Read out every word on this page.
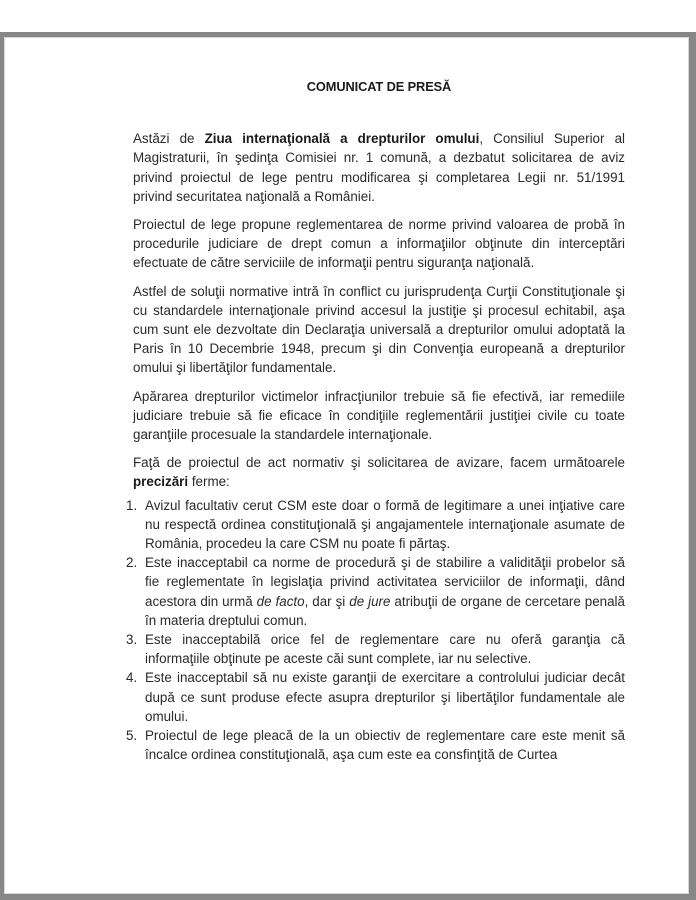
COMUNICAT DE PRESĂ

Astăzi de Ziua internaţională a drepturilor omului, Consiliul Superior al Magistraturii, în şedinţa Comisiei nr. 1 comună, a dezbatut solicitarea de aviz privind proiectul de lege pentru modificarea şi completarea Legii nr. 51/1991 privind securitatea naţională a României.

Proiectul de lege propune reglementarea de norme privind valoarea de probă în procedurile judiciare de drept comun a informaţiilor obţinute din interceptări efectuate de către serviciile de informaţii pentru siguranţa naţională.

Astfel de soluţii normative intră în conflict cu jurisprudenţa Curţii Constituţionale şi cu standardele internaţionale privind accesul la justiţie şi procesul echitabil, aşa cum sunt ele dezvoltate din Declaraţia universală a drepturilor omului adoptată la Paris în 10 Decembrie 1948, precum şi din Convenţia europeană a drepturilor omului şi libertăţilor fundamentale.

Apărarea drepturilor victimelor infracţiunilor trebuie să fie efectivă, iar remediile judiciare trebuie să fie eficace în condiţiile reglementării justiţiei civile cu toate garanţiile procesuale la standardele internaţionale.

Faţă de proiectul de act normativ şi solicitarea de avizare, facem următoarele precizări ferme:

1. Avizul facultativ cerut CSM este doar o formă de legitimare a unei inţiative care nu respectă ordinea constituţională şi angajamentele internaţionale asumate de România, procedeu la care CSM nu poate fi părtaş.
2. Este inacceptabil ca norme de procedură şi de stabilire a validităţii probelor să fie reglementate în legislaţia privind activitatea serviciilor de informaţii, dând acestora din urmă de facto, dar şi de jure atribuţii de organe de cercetare penală în materia dreptului comun.
3. Este inacceptabilă orice fel de reglementare care nu oferă garanţia că informaţiile obţinute pe aceste căi sunt complete, iar nu selective.
4. Este inacceptabil să nu existe garanţii de exercitare a controlului judiciar decât după ce sunt produse efecte asupra drepturilor şi libertăţilor fundamentale ale omului.
5. Proiectul de lege pleacă de la un obiectiv de reglementare care este menit să încalce ordinea constituţională, aşa cum este ea consfinţită de Curtea
